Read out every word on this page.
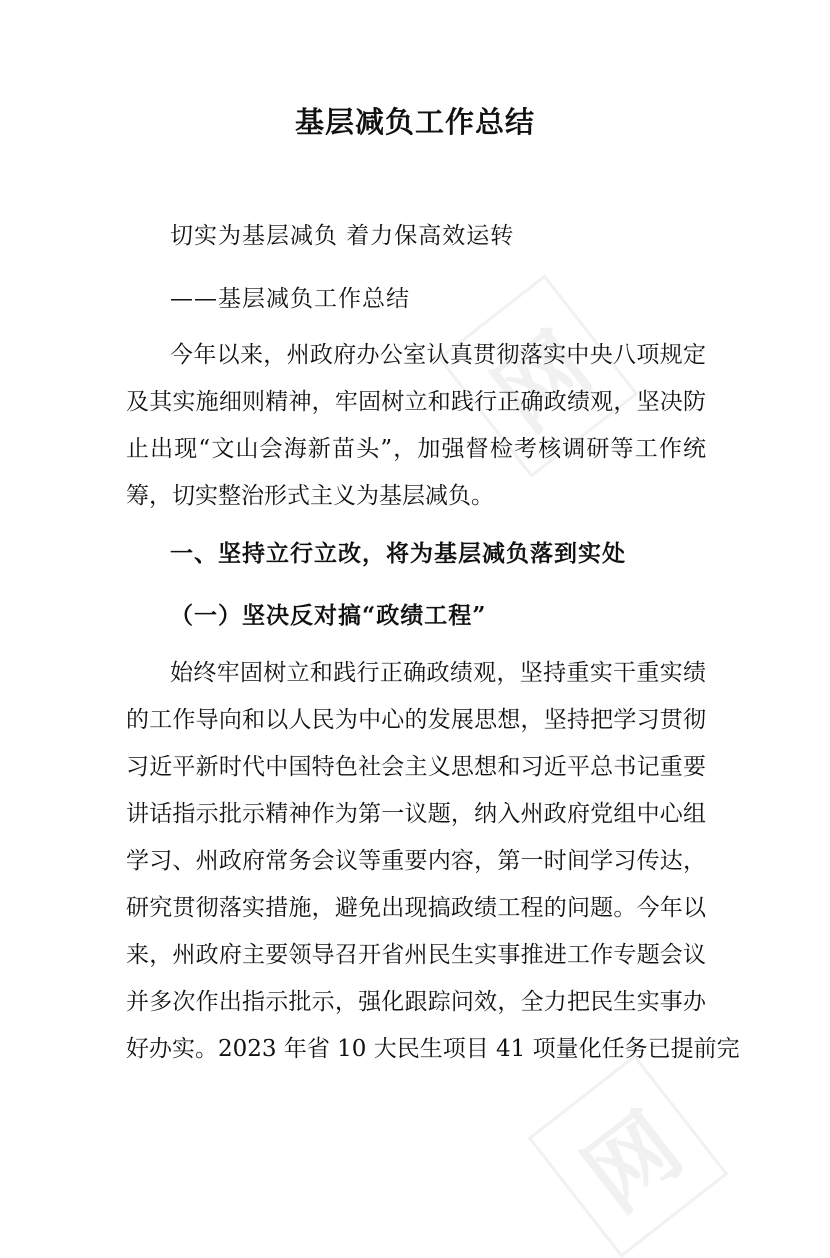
网
网
基层减负工作总结

切实为基层减负 着力保高效运转

——基层减负工作总结

今年以来，州政府办公室认真贯彻落实中央八项规定
及其实施细则精神，牢固树立和践行正确政绩观，坚决防
止出现“文山会海新苗头”，加强督检考核调研等工作统
筹，切实整治形式主义为基层减负。

一、坚持立行立改，将为基层减负落到实处

（一）坚决反对搞“政绩工程”

始终牢固树立和践行正确政绩观，坚持重实干重实绩
的工作导向和以人民为中心的发展思想，坚持把学习贯彻
习近平新时代中国特色社会主义思想和习近平总书记重要
讲话指示批示精神作为第一议题，纳入州政府党组中心组
学习、州政府常务会议等重要内容，第一时间学习传达，
研究贯彻落实措施，避免出现搞政绩工程的问题。今年以
来，州政府主要领导召开省州民生实事推进工作专题会议
并多次作出指示批示，强化跟踪问效，全力把民生实事办
好办实。2023 年省 10 大民生项目 41 项量化任务已提前完
